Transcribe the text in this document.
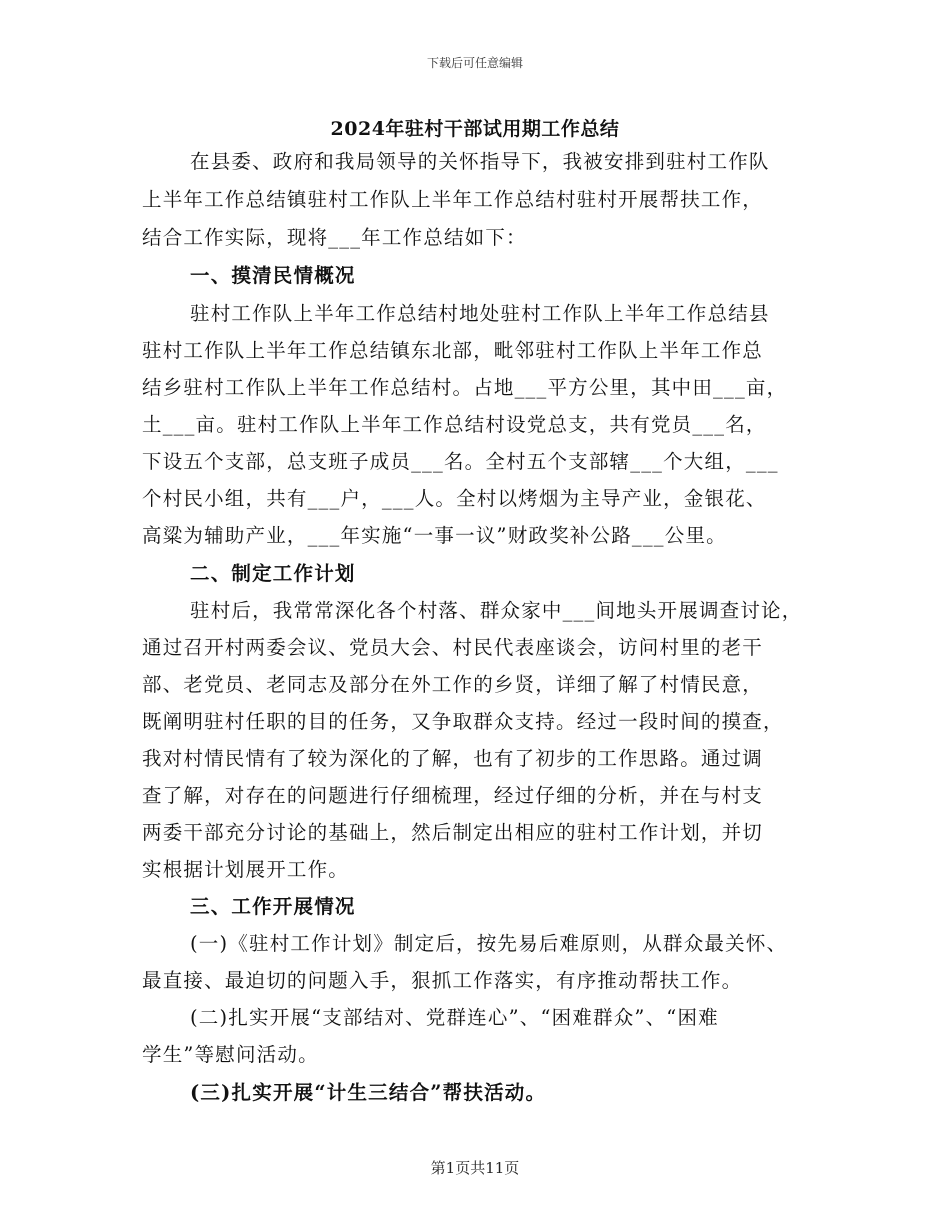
下载后可任意编辑
2024年驻村干部试用期工作总结
在县委、政府和我局领导的关怀指导下，我被安排到驻村工作队
上半年工作总结镇驻村工作队上半年工作总结村驻村开展帮扶工作，
结合工作实际，现将___年工作总结如下：
一、摸清民情概况
驻村工作队上半年工作总结村地处驻村工作队上半年工作总结县
驻村工作队上半年工作总结镇东北部，毗邻驻村工作队上半年工作总
结乡驻村工作队上半年工作总结村。占地___平方公里，其中田___亩，
土___亩。驻村工作队上半年工作总结村设党总支，共有党员___名，
下设五个支部，总支班子成员___名。全村五个支部辖___个大组，___
个村民小组，共有___户，___人。全村以烤烟为主导产业，金银花、
高粱为辅助产业，___年实施“一事一议”财政奖补公路___公里。
二、制定工作计划
驻村后，我常常深化各个村落、群众家中___间地头开展调查讨论，
通过召开村两委会议、党员大会、村民代表座谈会，访问村里的老干
部、老党员、老同志及部分在外工作的乡贤，详细了解了村情民意，
既阐明驻村任职的目的任务，又争取群众支持。经过一段时间的摸查，
我对村情民情有了较为深化的了解，也有了初步的工作思路。通过调
查了解，对存在的问题进行仔细梳理，经过仔细的分析，并在与村支
两委干部充分讨论的基础上，然后制定出相应的驻村工作计划，并切
实根据计划展开工作。
三、工作开展情况
(一)《驻村工作计划》制定后，按先易后难原则，从群众最关怀、
最直接、最迫切的问题入手，狠抓工作落实，有序推动帮扶工作。
(二)扎实开展“支部结对、党群连心”、“困难群众”、“困难
学生”等慰问活动。
(三)扎实开展“计生三结合”帮扶活动。
第1页共11页
